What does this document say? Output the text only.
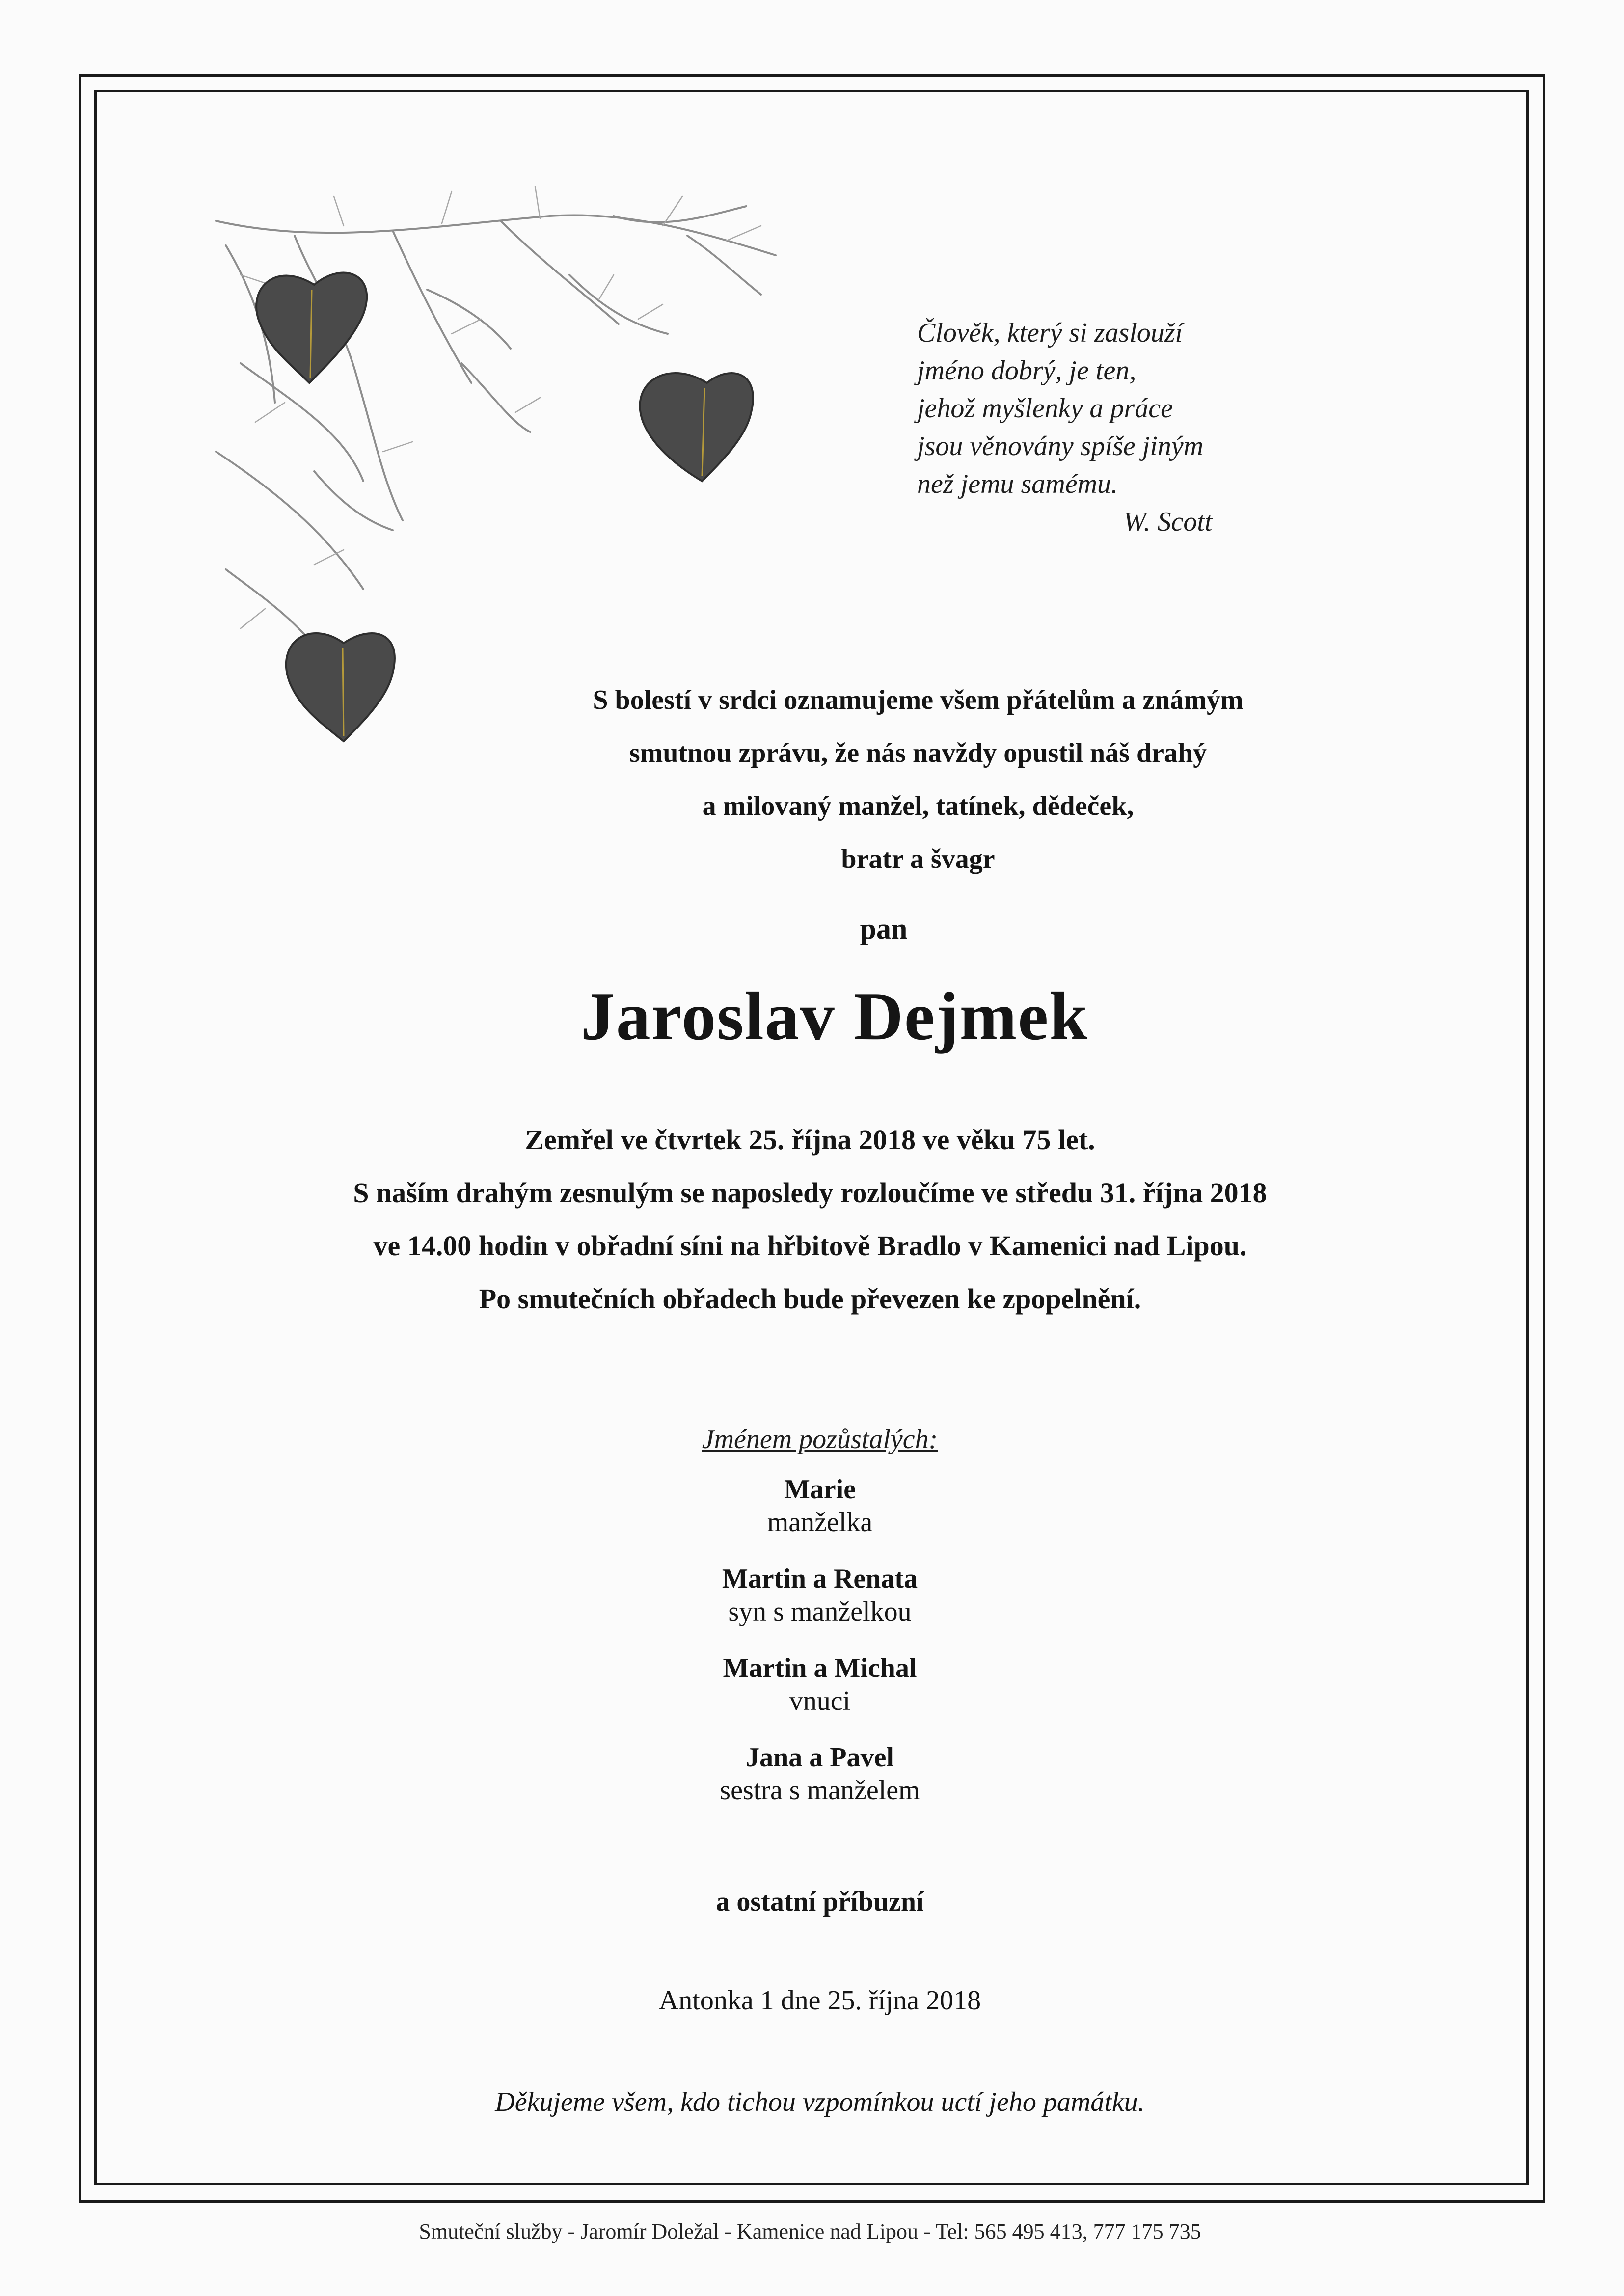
Člověk, který si zaslouží
jméno dobrý, je ten,
jehož myšlenky a práce
jsou věnovány spíše jiným
než jemu samému.
W. Scott
S bolestí v srdci oznamujeme všem přátelům a známým
smutnou zprávu, že nás navždy opustil náš drahý
a milovaný manžel, tatínek, dědeček,
bratr a švagr
pan
Jaroslav Dejmek
Zemřel ve čtvrtek 25. října 2018 ve věku 75 let.
S naším drahým zesnulým se naposledy rozloučíme ve středu 31. října 2018
ve 14.00 hodin v obřadní síni na hřbitově Bradlo v Kamenici nad Lipou.
Po smutečních obřadech bude převezen ke zpopelnění.
Jménem pozůstalých:
Marie
manželka
Martin a Renata
syn s manželkou
Martin a Michal
vnuci
Jana a Pavel
sestra s manželem
a ostatní příbuzní
Antonka 1 dne 25. října 2018
Děkujeme všem, kdo tichou vzpomínkou uctí jeho památku.
Smuteční služby - Jaromír Doležal - Kamenice nad Lipou - Tel: 565 495 413, 777 175 735
